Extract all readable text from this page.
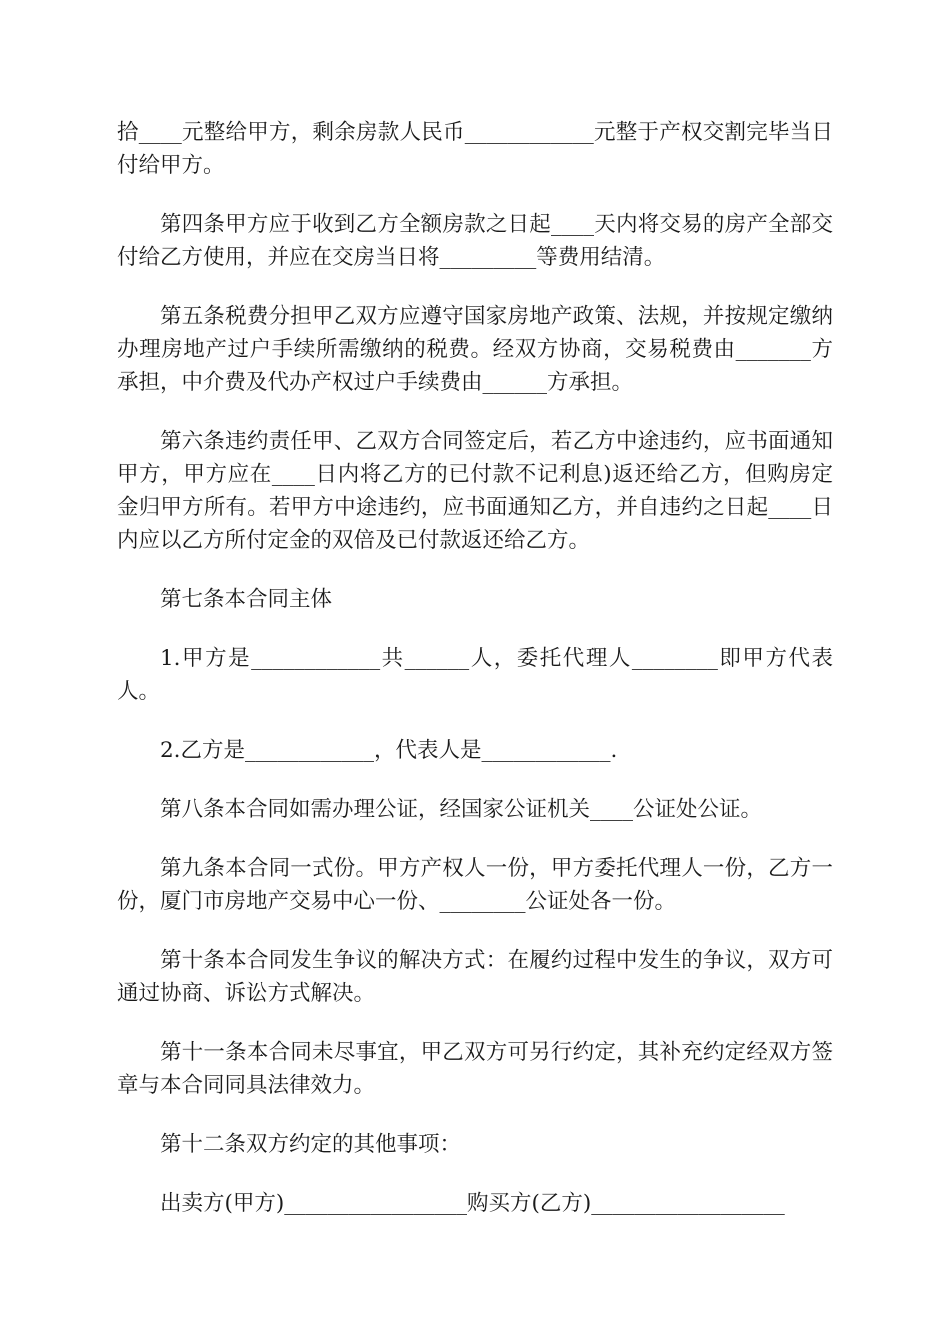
拾____元整给甲方，剩余房款人民币____________元整于产权交割完毕当日付给甲方。

第四条甲方应于收到乙方全额房款之日起____天内将交易的房产全部交付给乙方使用，并应在交房当日将_________等费用结清。

第五条税费分担甲乙双方应遵守国家房地产政策、法规，并按规定缴纳办理房地产过户手续所需缴纳的税费。经双方协商，交易税费由_______方承担，中介费及代办产权过户手续费由______方承担。

第六条违约责任甲、乙双方合同签定后，若乙方中途违约，应书面通知甲方，甲方应在____日内将乙方的已付款不记利息)返还给乙方，但购房定金归甲方所有。若甲方中途违约，应书面通知乙方，并自违约之日起____日内应以乙方所付定金的双倍及已付款返还给乙方。

第七条本合同主体

1.甲方是____________共______人，委托代理人________即甲方代表人。

2.乙方是____________，代表人是____________.

第八条本合同如需办理公证，经国家公证机关____公证处公证。

第九条本合同一式份。甲方产权人一份，甲方委托代理人一份，乙方一份，厦门市房地产交易中心一份、________公证处各一份。

第十条本合同发生争议的解决方式：在履约过程中发生的争议，双方可通过协商、诉讼方式解决。

第十一条本合同未尽事宜，甲乙双方可另行约定，其补充约定经双方签章与本合同同具法律效力。

第十二条双方约定的其他事项：

出卖方(甲方)_________________购买方(乙方)__________________
